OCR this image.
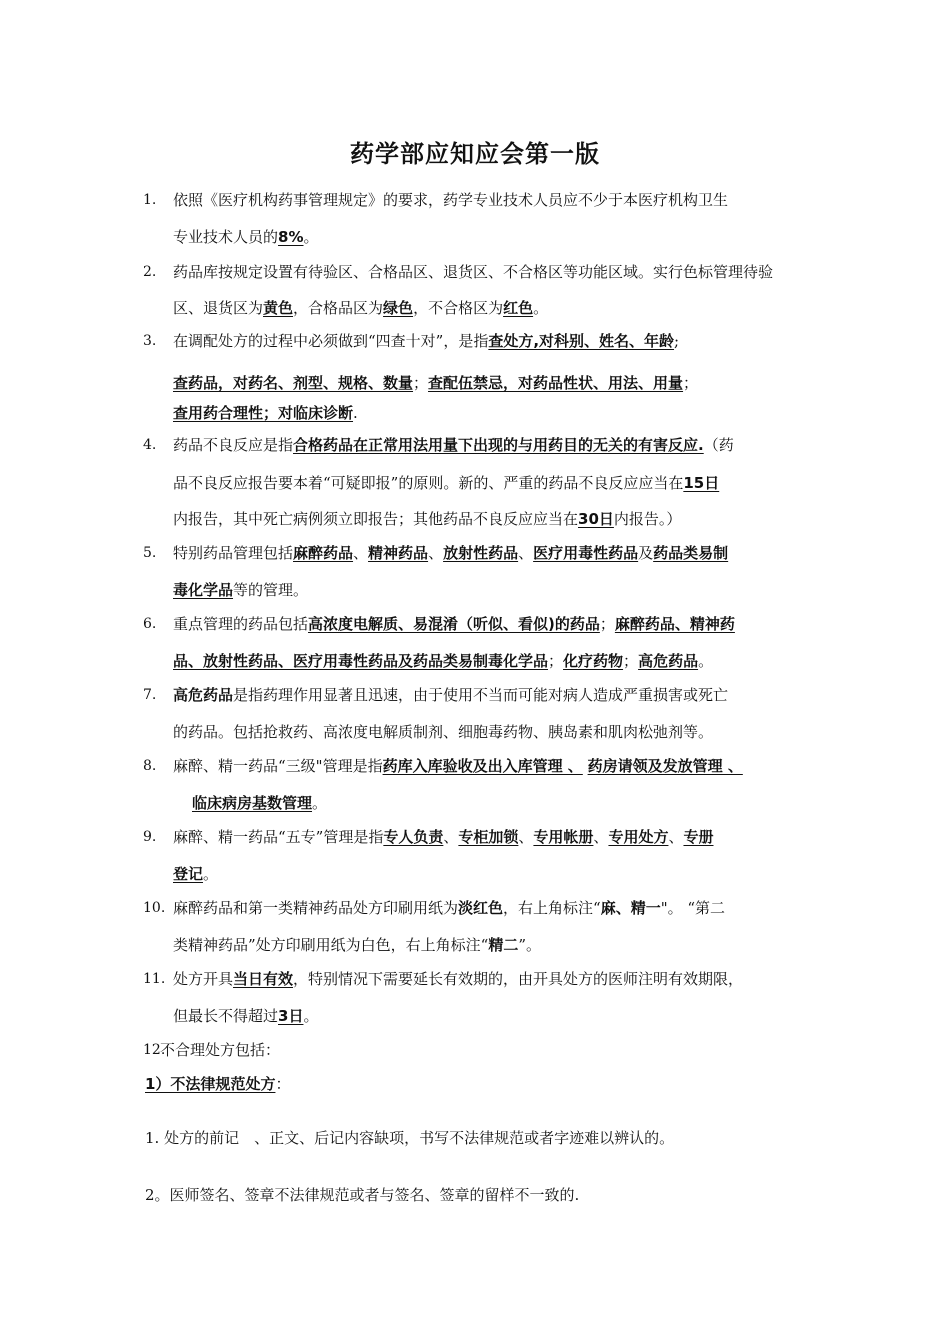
药学部应知应会第一版
1. 依照《医疗机构药事管理规定》的要求，药学专业技术人员应不少于本医疗机构卫生
专业技术人员的8%。
2. 药品库按规定设置有待验区、合格品区、退货区、不合格区等功能区域。实行色标管理待验
区、退货区为黄色，合格品区为绿色，不合格区为红色。
3. 在调配处方的过程中必须做到“四查十对”，是指查处方,对科别、姓名、年龄;
查药品，对药名、剂型、规格、数量；查配伍禁忌，对药品性状、用法、用量；
查用药合理性；对临床诊断.
4. 药品不良反应是指合格药品在正常用法用量下出现的与用药目的无关的有害反应.（药
品不良反应报告要本着“可疑即报”的原则。新的、严重的药品不良反应应当在15日
内报告，其中死亡病例须立即报告；其他药品不良反应应当在30日内报告。）
5. 特别药品管理包括麻醉药品、精神药品、放射性药品、医疗用毒性药品及药品类易制
毒化学品等的管理。
6. 重点管理的药品包括高浓度电解质、易混淆（听似、看似)的药品；麻醉药品、精神药
品、放射性药品、医疗用毒性药品及药品类易制毒化学品；化疗药物；高危药品。
7. 高危药品是指药理作用显著且迅速，由于使用不当而可能对病人造成严重损害或死亡
的药品。包括抢救药、高浓度电解质制剂、细胞毒药物、胰岛素和肌肉松弛剂等。
8. 麻醉、精一药品“三级"管理是指药库入库验收及出入库管理 、 药房请领及发放管理 、
临床病房基数管理。
9. 麻醉、精一药品“五专”管理是指专人负责、专柜加锁、专用帐册、专用处方、专册
登记。
10. 麻醉药品和第一类精神药品处方印刷用纸为淡红色，右上角标注“麻、精一"。 “第二
类精神药品”处方印刷用纸为白色，右上角标注“精二”。
11. 处方开具当日有效，特别情况下需要延长有效期的，由开具处方的医师注明有效期限，
但最长不得超过3日。
12.
不合理处方包括：
1）不法律规范处方：
1. 处方的前记　、正文、后记内容缺项，书写不法律规范或者字迹难以辨认的。
2。医师签名、签章不法律规范或者与签名、签章的留样不一致的.
